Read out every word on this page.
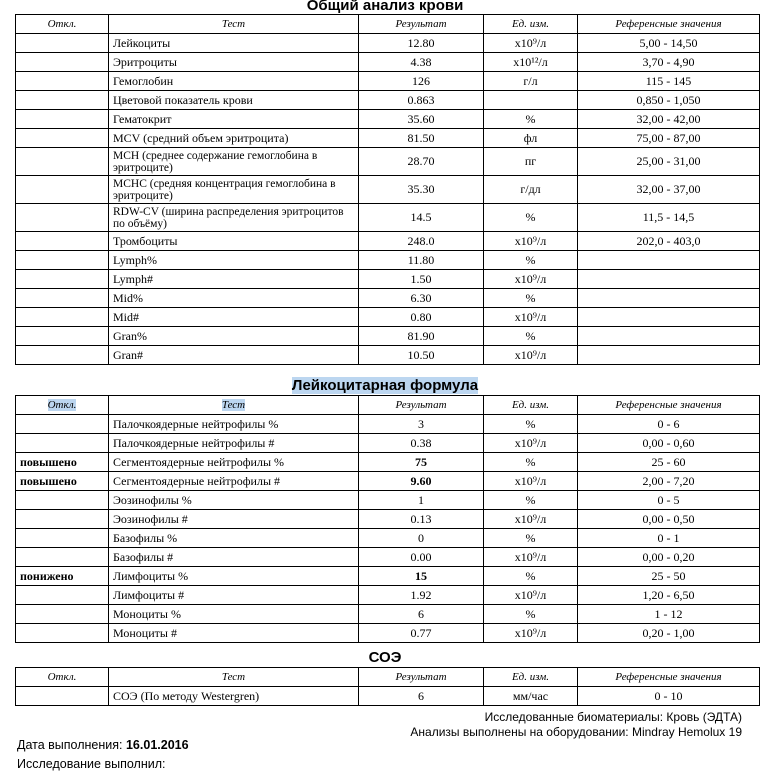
Общий анализ крови
Откл.	Тест	Результат	Ед. изм.	Референсные значения
	Лейкоциты	12.80	x10⁹/л	5,00 - 14,50
	Эритроциты	4.38	x10¹²/л	3,70 - 4,90
	Гемоглобин	126	г/л	115 - 145
	Цветовой показатель крови	0.863		0,850 - 1,050
	Гематокрит	35.60	%	32,00 - 42,00
	MCV (средний объем эритроцита)	81.50	фл	75,00 - 87,00
	MCH (среднее содержание гемоглобина в эритроците)	28.70	пг	25,00 - 31,00
	MCHC (средняя концентрация гемоглобина в эритроците)	35.30	г/дл	32,00 - 37,00
	RDW-CV (ширина распределения эритроцитов по объёму)	14.5	%	11,5 - 14,5
	Тромбоциты	248.0	x10⁹/л	202,0 - 403,0
	Lymph%	11.80	%	
	Lymph#	1.50	x10⁹/л	
	Mid%	6.30	%	
	Mid#	0.80	x10⁹/л	
	Gran%	81.90	%	
	Gran#	10.50	x10⁹/л	
Лейкоцитарная формула
Откл.	Тест	Результат	Ед. изм.	Референсные значения
	Палочкоядерные нейтрофилы %	3	%	0 - 6
	Палочкоядерные нейтрофилы #	0.38	x10⁹/л	0,00 - 0,60
повышено	Сегментоядерные нейтрофилы %	75	%	25 - 60
повышено	Сегментоядерные нейтрофилы #	9.60	x10⁹/л	2,00 - 7,20
	Эозинофилы %	1	%	0 - 5
	Эозинофилы #	0.13	x10⁹/л	0,00 - 0,50
	Базофилы %	0	%	0 - 1
	Базофилы #	0.00	x10⁹/л	0,00 - 0,20
понижено	Лимфоциты %	15	%	25 - 50
	Лимфоциты #	1.92	x10⁹/л	1,20 - 6,50
	Моноциты %	6	%	1 - 12
	Моноциты #	0.77	x10⁹/л	0,20 - 1,00
СОЭ
Откл.	Тест	Результат	Ед. изм.	Референсные значения
	СОЭ (По методу Westergren)	6	мм/час	0 - 10
Исследованные биоматериалы: Кровь (ЭДТА)
Анализы выполнены на оборудовании: Mindray Hemolux 19
Дата выполнения: 16.01.2016
Исследование выполнил:
